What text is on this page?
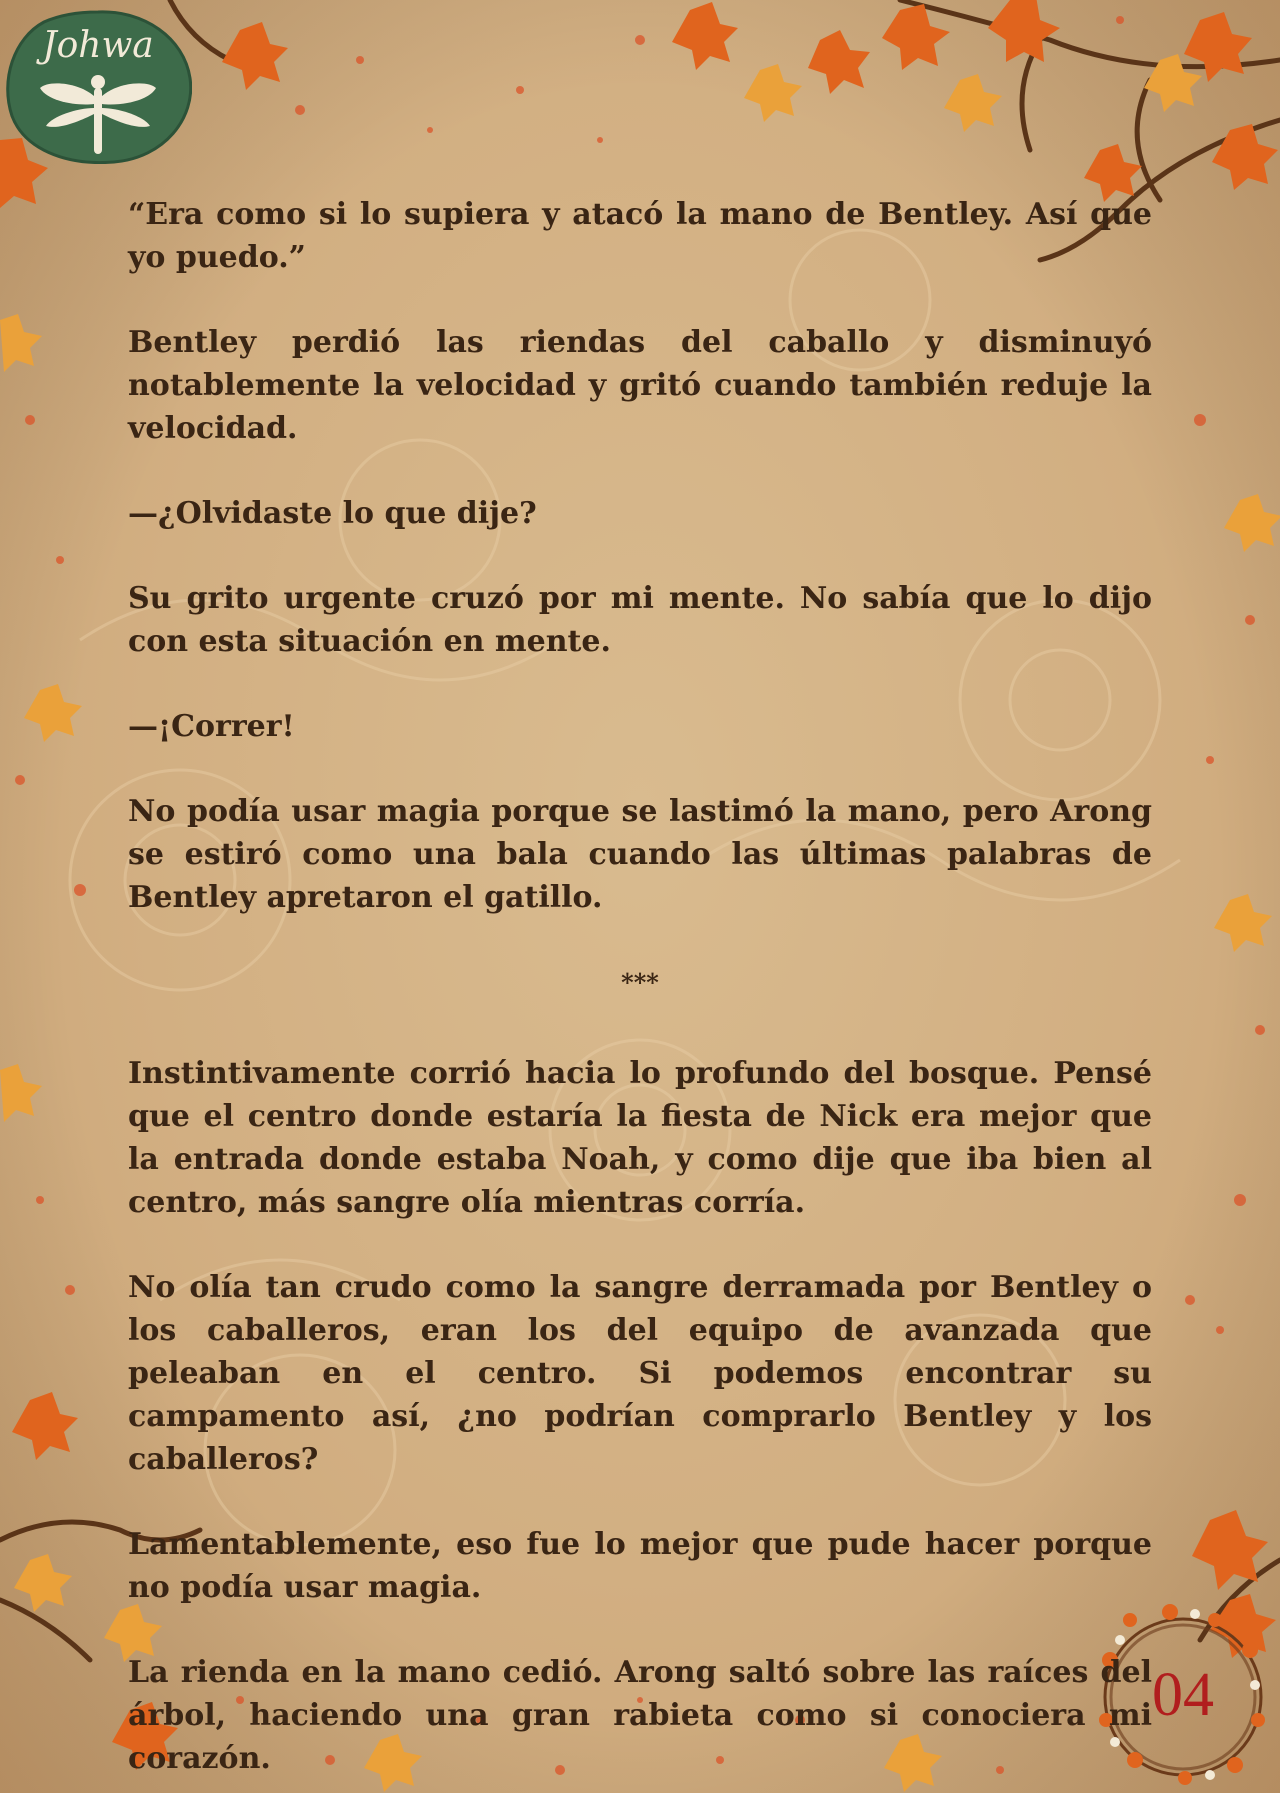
Johwa

“Era como si lo supiera y atacó la mano de Bentley. Así que yo puedo.”

Bentley perdió las riendas del caballo y disminuyó notablemente la velocidad y gritó cuando también reduje la velocidad.

—¿Olvidaste lo que dije?

Su grito urgente cruzó por mi mente. No sabía que lo dijo con esta situación en mente.

—¡Correr!

No podía usar magia porque se lastimó la mano, pero Arong se estiró como una bala cuando las últimas palabras de Bentley apretaron el gatillo.

***

Instintivamente corrió hacia lo profundo del bosque. Pensé que el centro donde estaría la fiesta de Nick era mejor que la entrada donde estaba Noah, y como dije que iba bien al centro, más sangre olía mientras corría.

No olía tan crudo como la sangre derramada por Bentley o los caballeros, eran los del equipo de avanzada que peleaban en el centro. Si podemos encontrar su campamento así, ¿no podrían comprarlo Bentley y los caballeros?

Lamentablemente, eso fue lo mejor que pude hacer porque no podía usar magia.

La rienda en la mano cedió. Arong saltó sobre las raíces del árbol, haciendo una gran rabieta como si conociera mi corazón.

04
